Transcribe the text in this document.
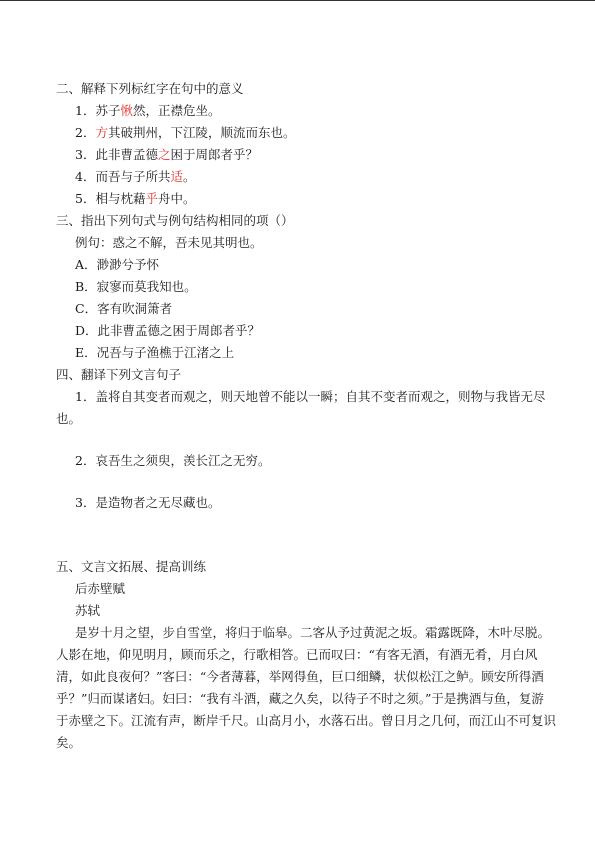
二、解释下列标红字在句中的意义
1．苏子愀然，正襟危坐。
2．方其破荆州，下江陵，顺流而东也。
3．此非曹孟德之困于周郎者乎？
4．而吾与子所共适。
5．相与枕藉乎舟中。
三、指出下列句式与例句结构相同的项（）
例句：惑之不解，吾未见其明也。
A．渺渺兮予怀
B．寂寥而莫我知也。
C．客有吹洞箫者
D．此非曹孟德之困于周郎者乎？
E．况吾与子渔樵于江渚之上
四、翻译下列文言句子
1．盖将自其变者而观之，则天地曾不能以一瞬；自其不变者而观之，则物与我皆无尽
也。
2．哀吾生之须臾，羡长江之无穷。
3．是造物者之无尽藏也。
五、文言文拓展、提高训练
后赤壁赋
苏轼
是岁十月之望，步自雪堂，将归于临皋。二客从予过黄泥之坂。霜露既降，木叶尽脱。
人影在地，仰见明月，顾而乐之，行歌相答。已而叹曰：“有客无酒，有酒无肴，月白风
清，如此良夜何？”客曰：“今者薄暮，举网得鱼，巨口细鳞，状似松江之鲈。顾安所得酒
乎？”归而谋诸妇。妇曰：“我有斗酒，藏之久矣，以待子不时之须。”于是携酒与鱼，复游
于赤壁之下。江流有声，断岸千尺。山高月小，水落石出。曾日月之几何，而江山不可复识
矣。
